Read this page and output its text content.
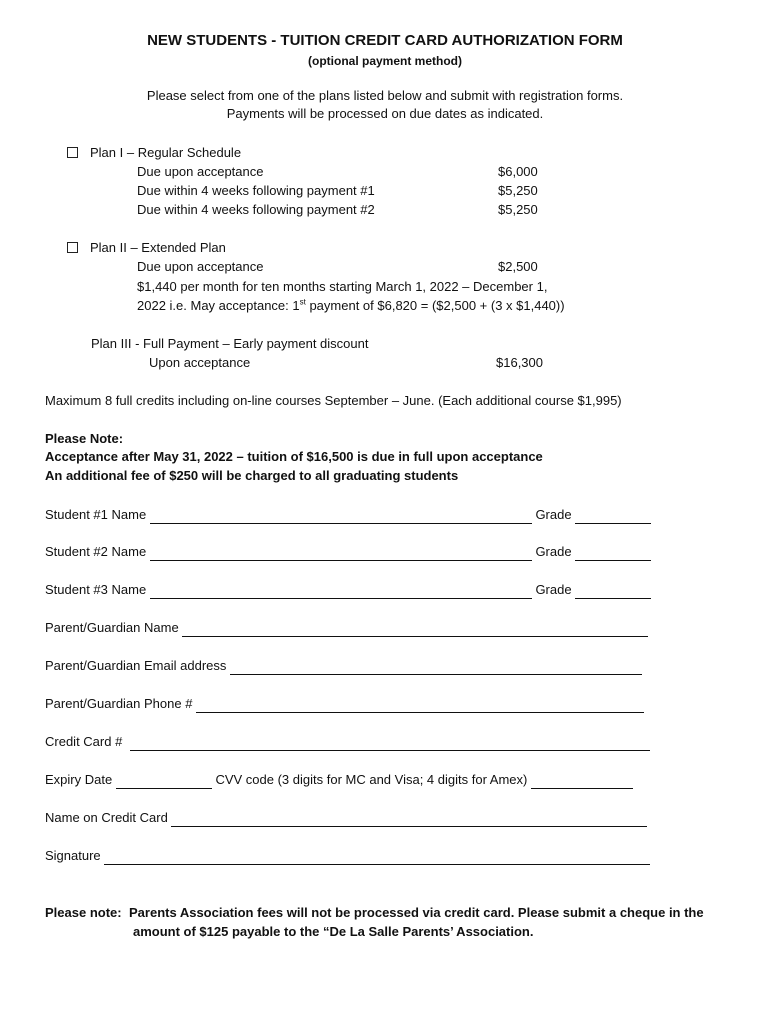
NEW STUDENTS - TUITION CREDIT CARD AUTHORIZATION FORM
(optional payment method)
Please select from one of the plans listed below and submit with registration forms.
Payments will be processed on due dates as indicated.
Plan I – Regular Schedule
Due upon acceptance	$6,000
Due within 4 weeks following payment #1	$5,250
Due within 4 weeks following payment #2	$5,250
Plan II – Extended Plan
Due upon acceptance	$2,500
$1,440 per month for ten months starting March 1, 2022 – December 1,
2022 i.e. May acceptance: 1st payment of $6,820 = ($2,500 + (3 x $1,440))
Plan III - Full Payment – Early payment discount
Upon acceptance	$16,300
Maximum 8 full credits including on-line courses September – June. (Each additional course $1,995)
Please Note:
Acceptance after May 31, 2022 – tuition of $16,500 is due in full upon acceptance
An additional fee of $250 will be charged to all graduating students
Student #1 Name	Grade
Student #2 Name	Grade
Student #3 Name	Grade
Parent/Guardian Name
Parent/Guardian Email address
Parent/Guardian Phone #
Credit Card #
Expiry Date	CVV code (3 digits for MC and Visa; 4 digits for Amex)
Name on Credit Card
Signature
Please note: Parents Association fees will not be processed via credit card. Please submit a cheque in the
amount of $125 payable to the “De La Salle Parents’ Association.
